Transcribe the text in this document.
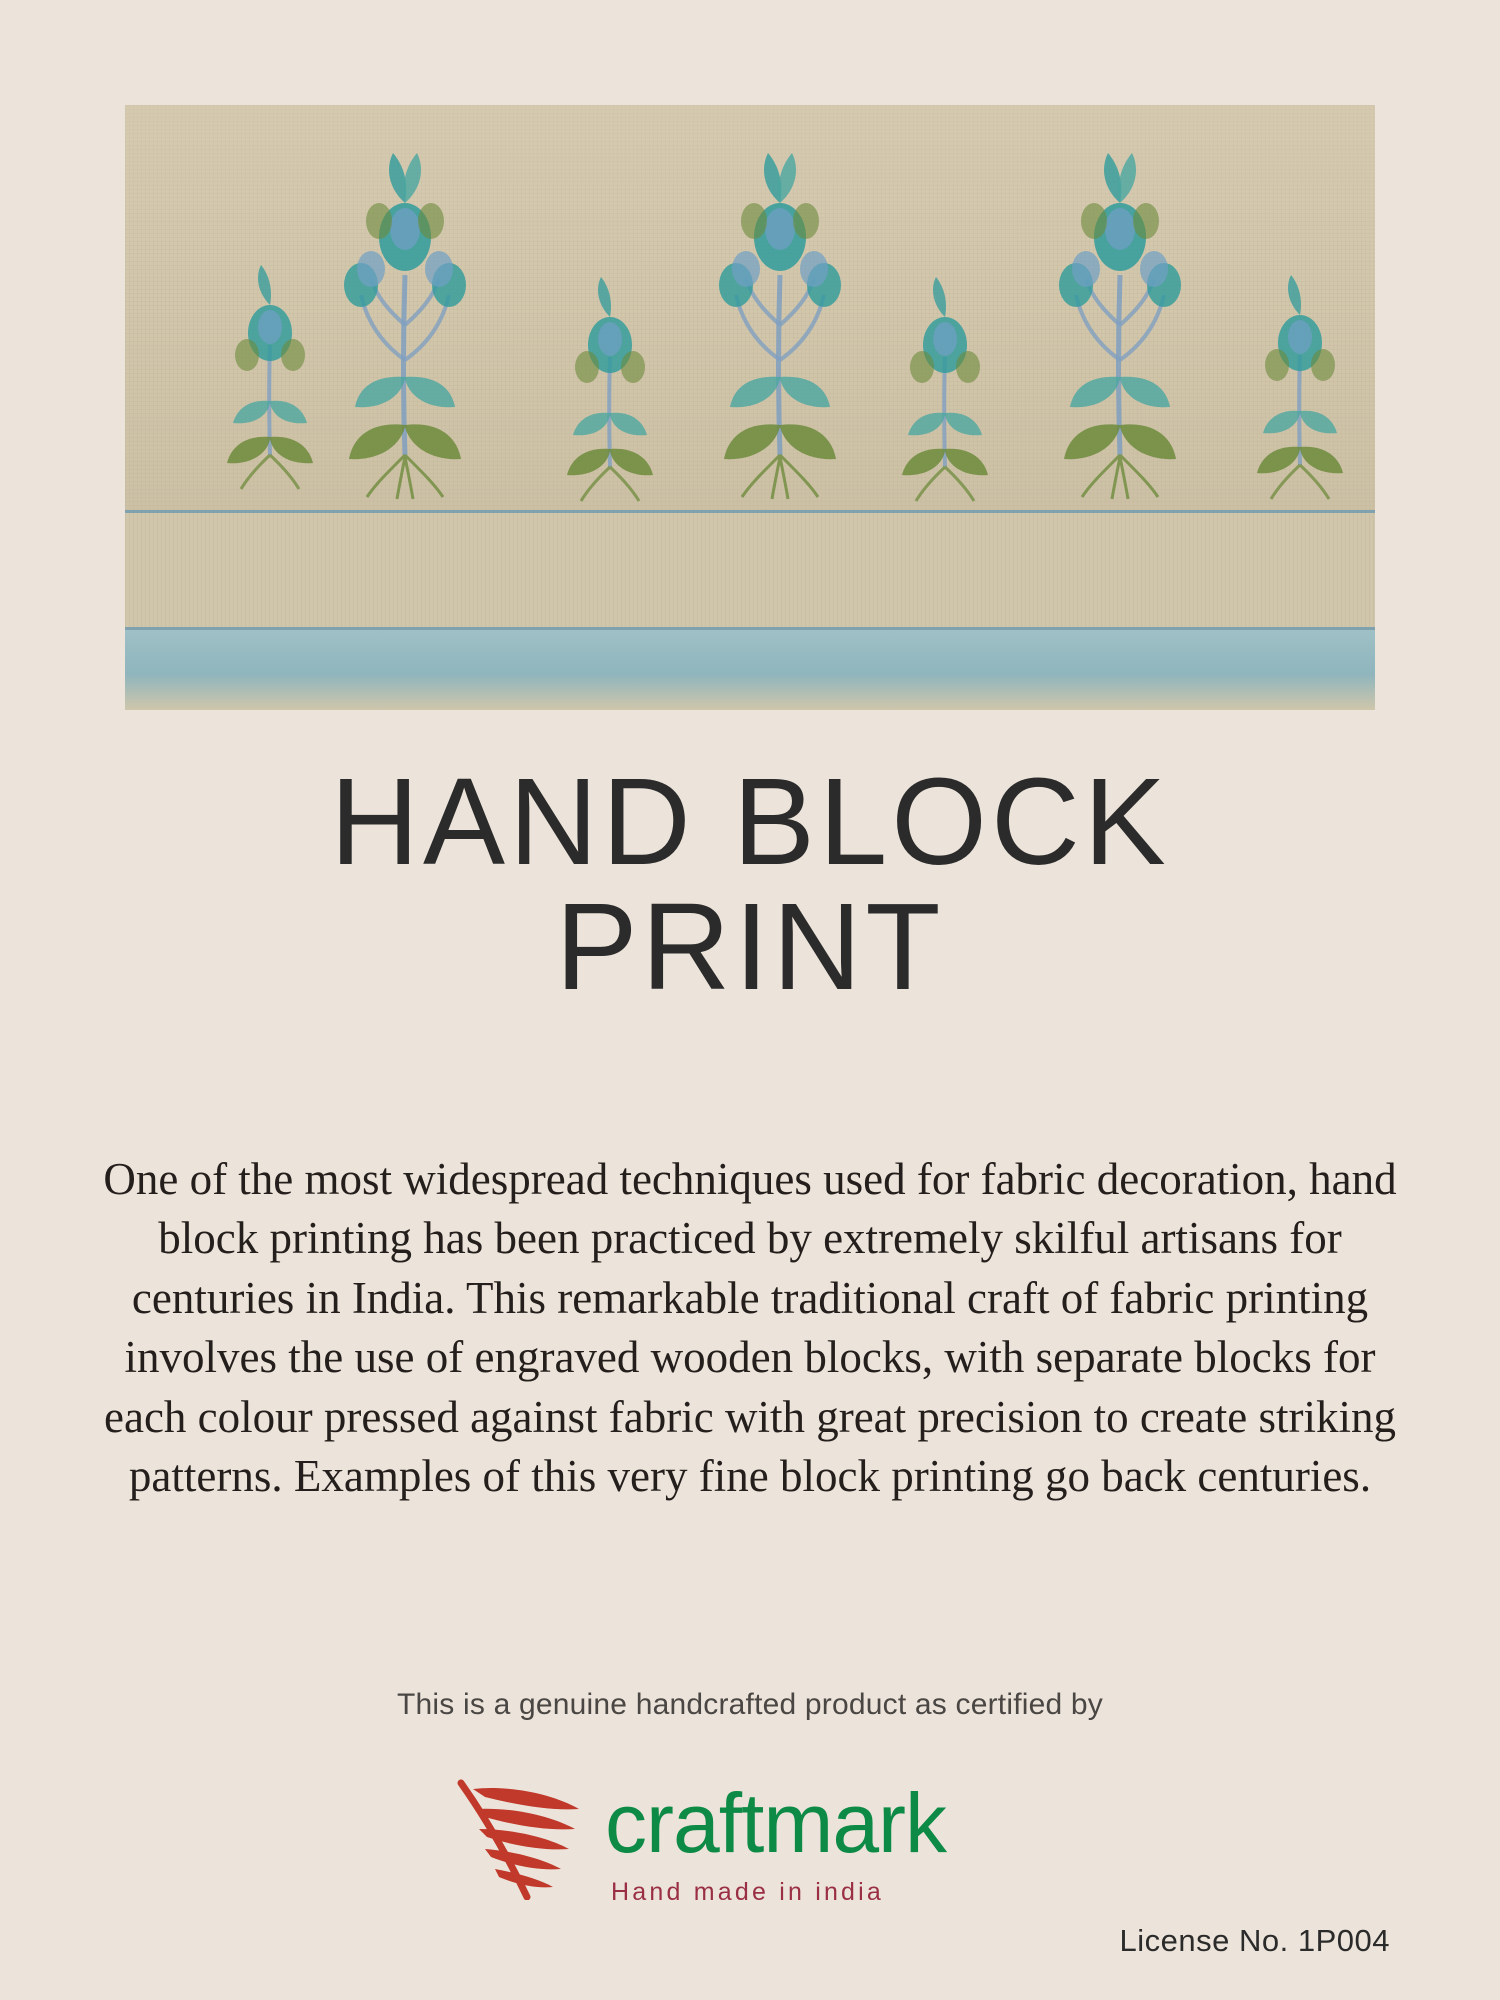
HAND BLOCK
PRINT

One of the most widespread techniques used for fabric decoration, hand block printing has been practiced by extremely skilful artisans for centuries in India. This remarkable traditional craft of fabric printing involves the use of engraved wooden blocks, with separate blocks for each colour pressed against fabric with great precision to create striking patterns. Examples of this very fine block printing go back centuries.

This is a genuine handcrafted product as certified by
craftmark
Hand made in india
License No. 1P004
